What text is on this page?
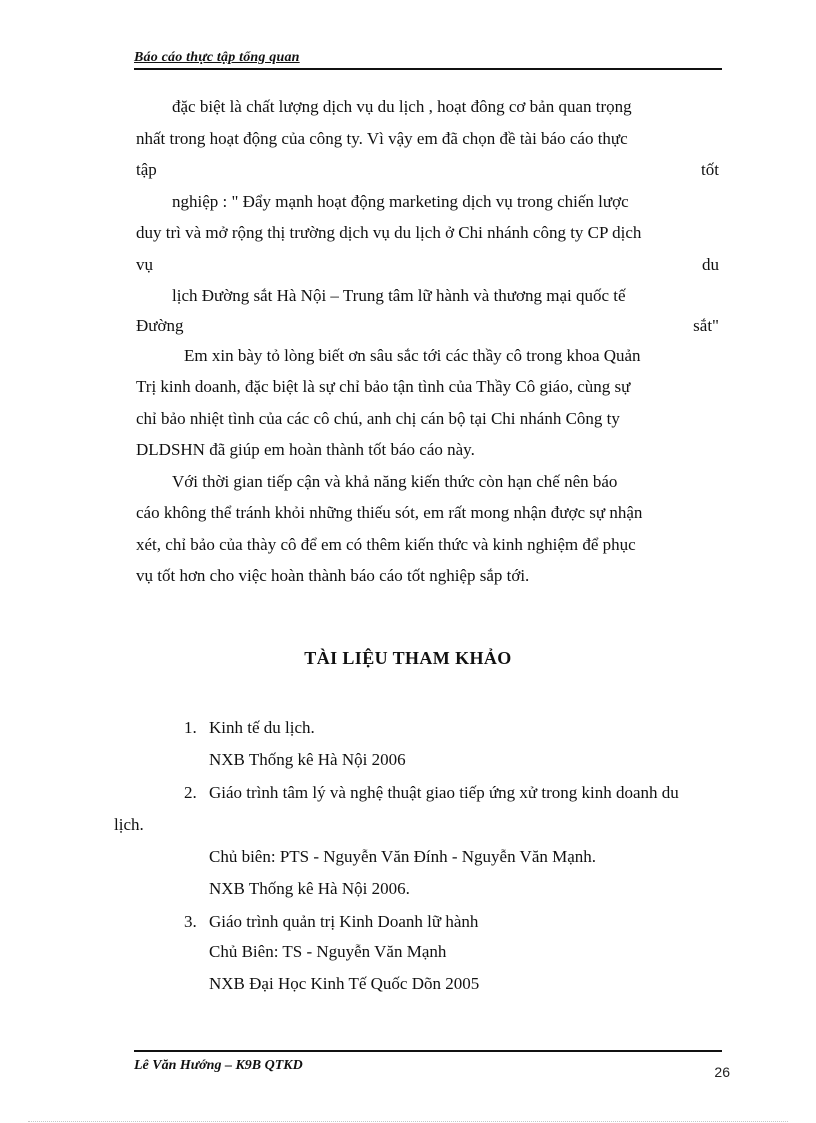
Báo cáo thực tập tổng quan

đặc biệt là chất lượng dịch vụ du lịch , hoạt đông cơ bản quan trọng

nhất trong hoạt động của công ty. Vì vậy em đã chọn đề tài báo cáo thực

tập	tốt

nghiệp : " Đẩy mạnh hoạt động marketing dịch vụ trong chiến lược

duy trì và mở rộng thị trường dịch vụ du lịch ở Chi nhánh công ty CP dịch

vụ	du

lịch Đường sắt Hà Nội – Trung tâm lữ hành và thương mại quốc tế

Đường	sắt"

Em xin bày tỏ lòng biết ơn sâu sắc tới các thầy cô trong khoa Quản

Trị kinh doanh, đặc biệt là sự chỉ bảo tận tình của Thầy Cô giáo, cùng sự

chỉ bảo nhiệt tình của các cô chú, anh chị cán bộ tại Chi nhánh Công ty

DLDSHN đã giúp em hoàn thành tốt báo cáo này.

Với thời gian tiếp cận và khả năng kiến thức còn hạn chế nên báo

cáo không thể tránh khỏi những thiếu sót, em rất mong nhận được sự nhận

xét, chỉ bảo của thày cô để em có thêm kiến thức và kinh nghiệm để phục

vụ tốt hơn cho việc hoàn thành báo cáo tốt nghiệp sắp tới.

TÀI LIỆU THAM KHẢO
1. Kinh tế du lịch.
NXB Thống kê Hà Nội 2006
2. Giáo trình tâm lý và nghệ thuật giao tiếp ứng xử trong kinh doanh du
lịch.
Chủ biên: PTS - Nguyễn Văn Đính - Nguyễn Văn Mạnh.
NXB Thống kê Hà Nội 2006.
3. Giáo trình quản trị Kinh Doanh lữ hành
Chủ Biên: TS - Nguyễn Văn Mạnh
NXB Đại Học Kinh Tế Quốc Dõn 2005
Lê Văn Hướng – K9B QTKD	26
